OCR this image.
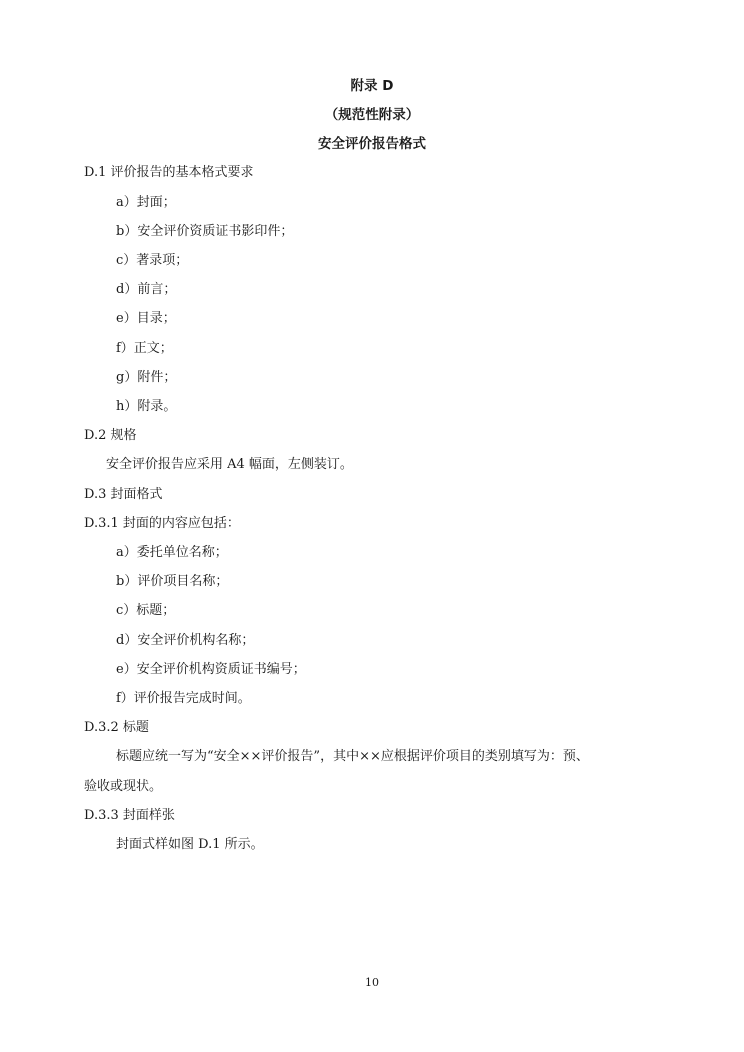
附录 D
（规范性附录）
安全评价报告格式
D.1 评价报告的基本格式要求
a）封面；
b）安全评价资质证书影印件；
c）著录项；
d）前言；
e）目录；
f）正文；
g）附件；
h）附录。
D.2 规格
安全评价报告应采用 A4 幅面，左侧装订。
D.3 封面格式
D.3.1 封面的内容应包括：
a）委托单位名称；
b）评价项目名称；
c）标题；
d）安全评价机构名称；
e）安全评价机构资质证书编号；
f）评价报告完成时间。
D.3.2 标题
标题应统一写为“安全××评价报告”，其中××应根据评价项目的类别填写为：预、
验收或现状。
D.3.3 封面样张
封面式样如图 D.1 所示。
10
